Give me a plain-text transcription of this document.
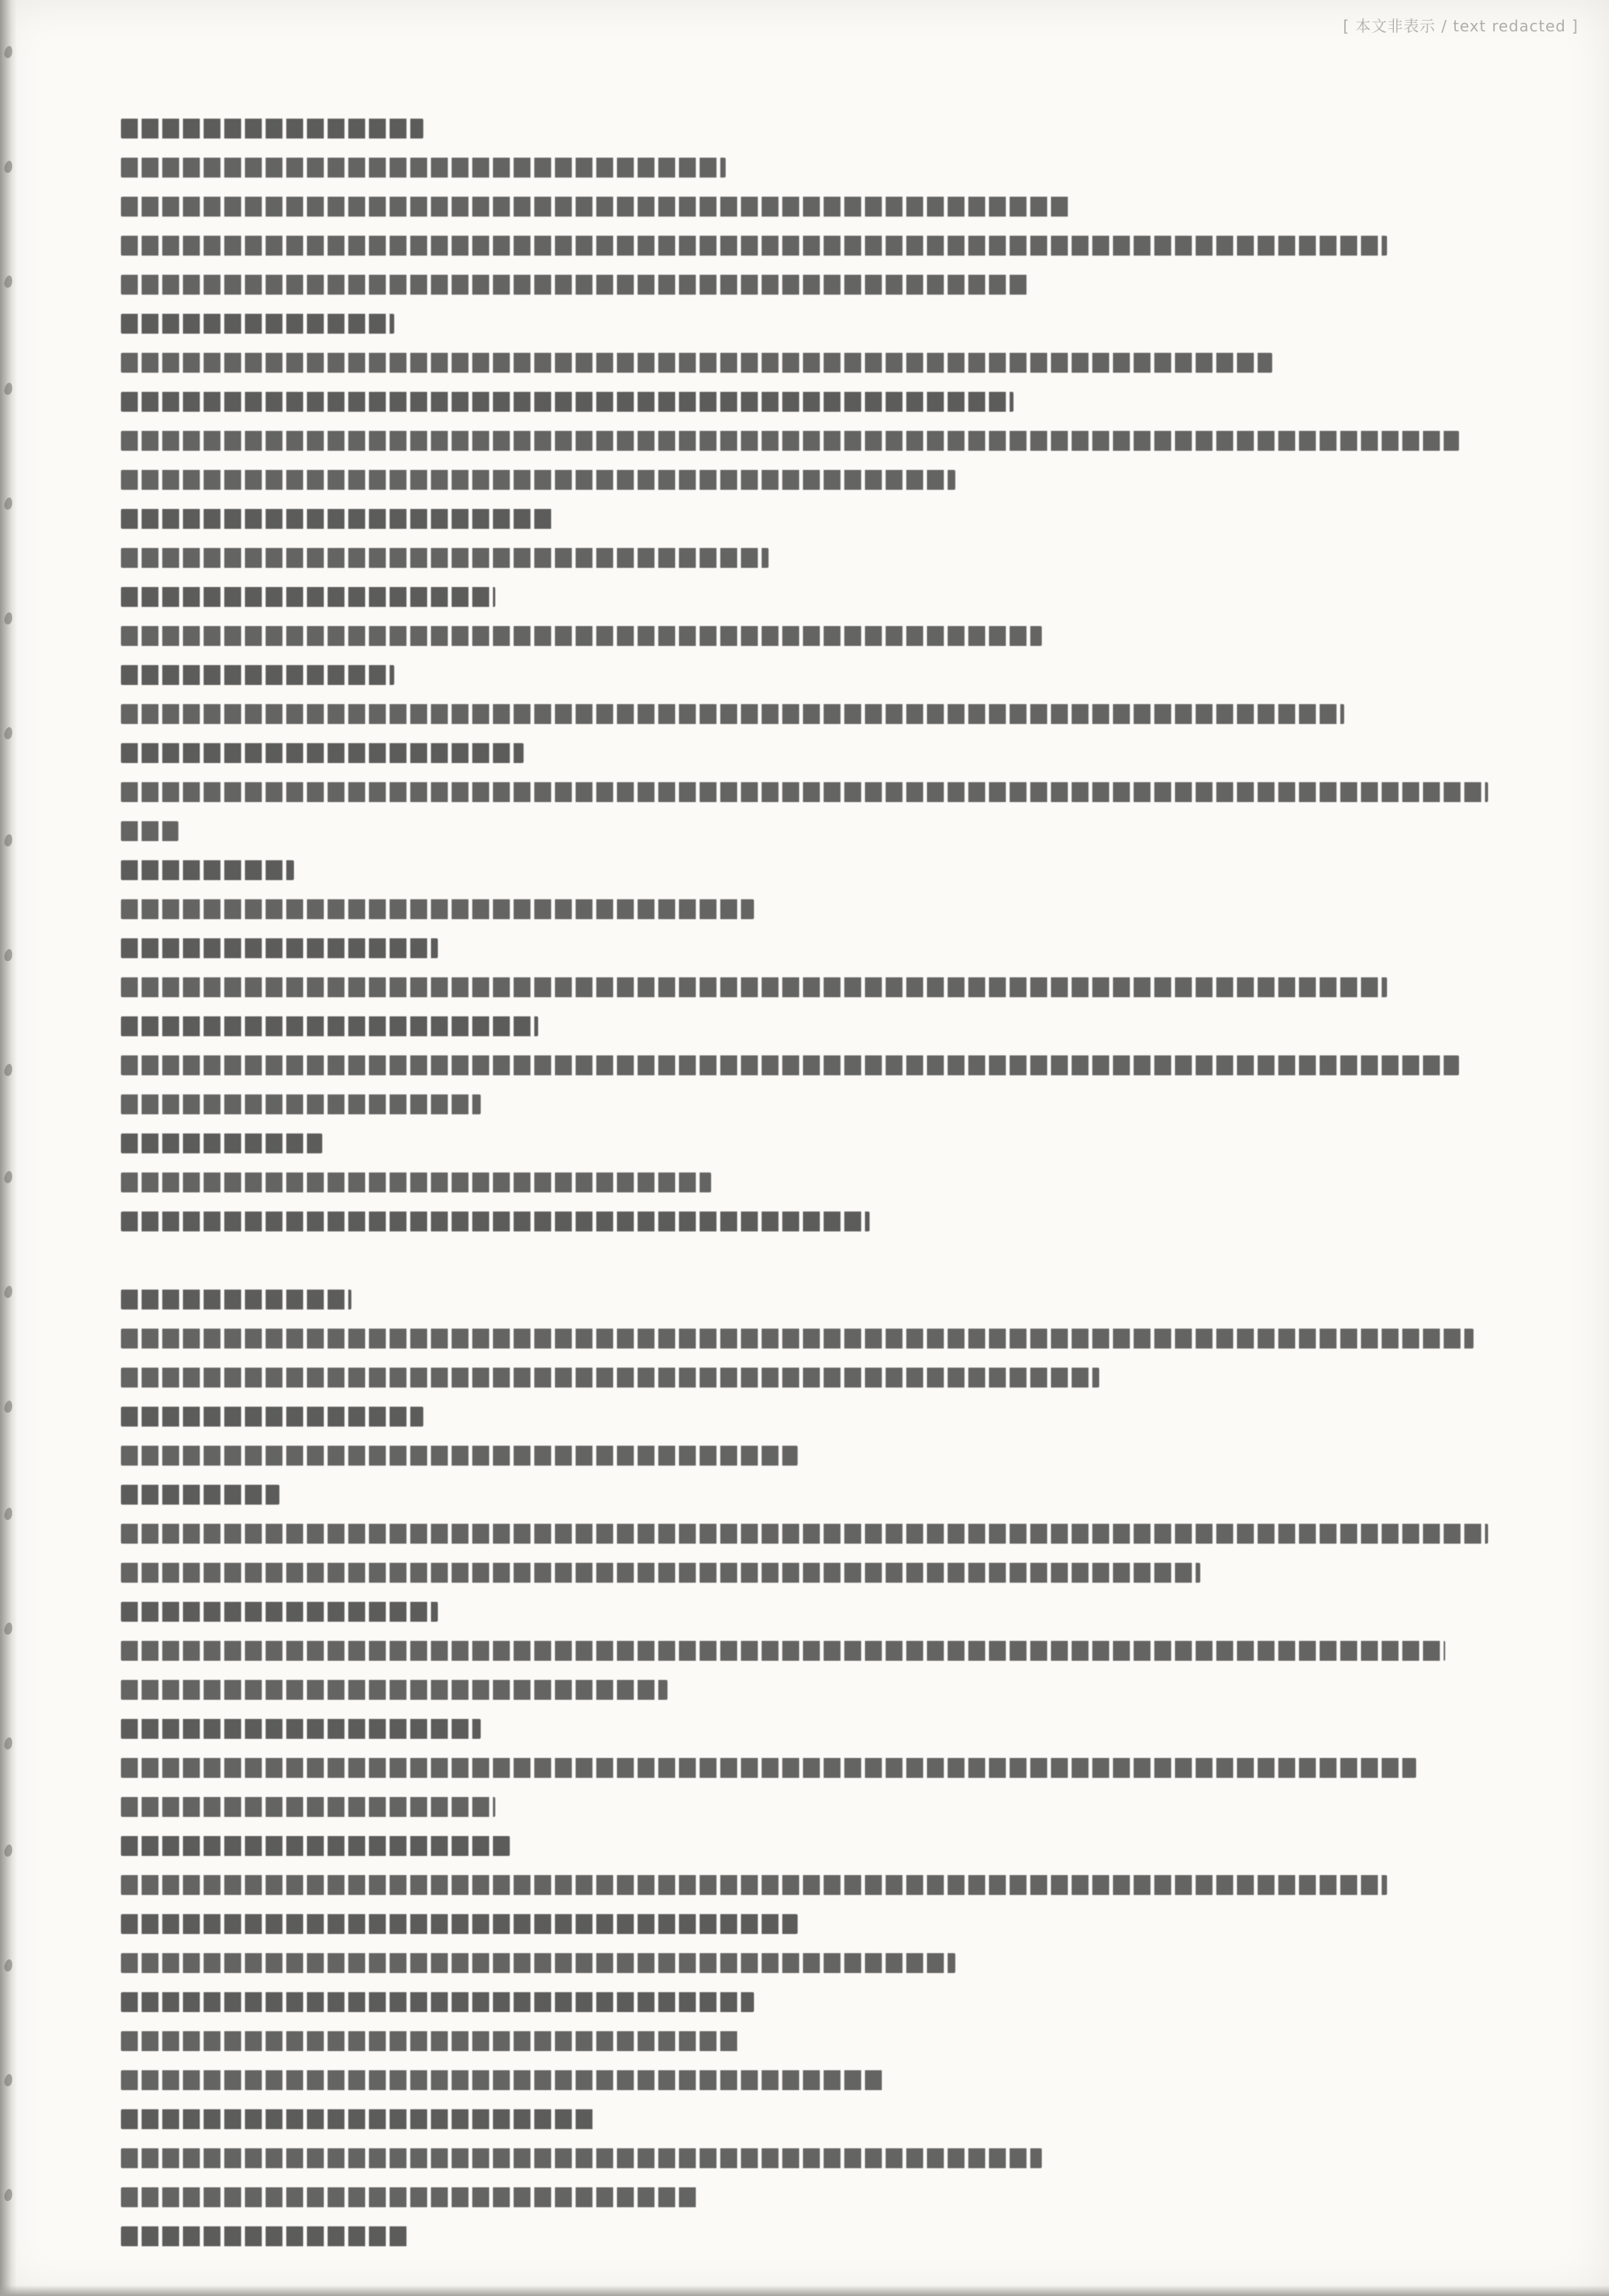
[ 本文非表示 / text redacted ]
